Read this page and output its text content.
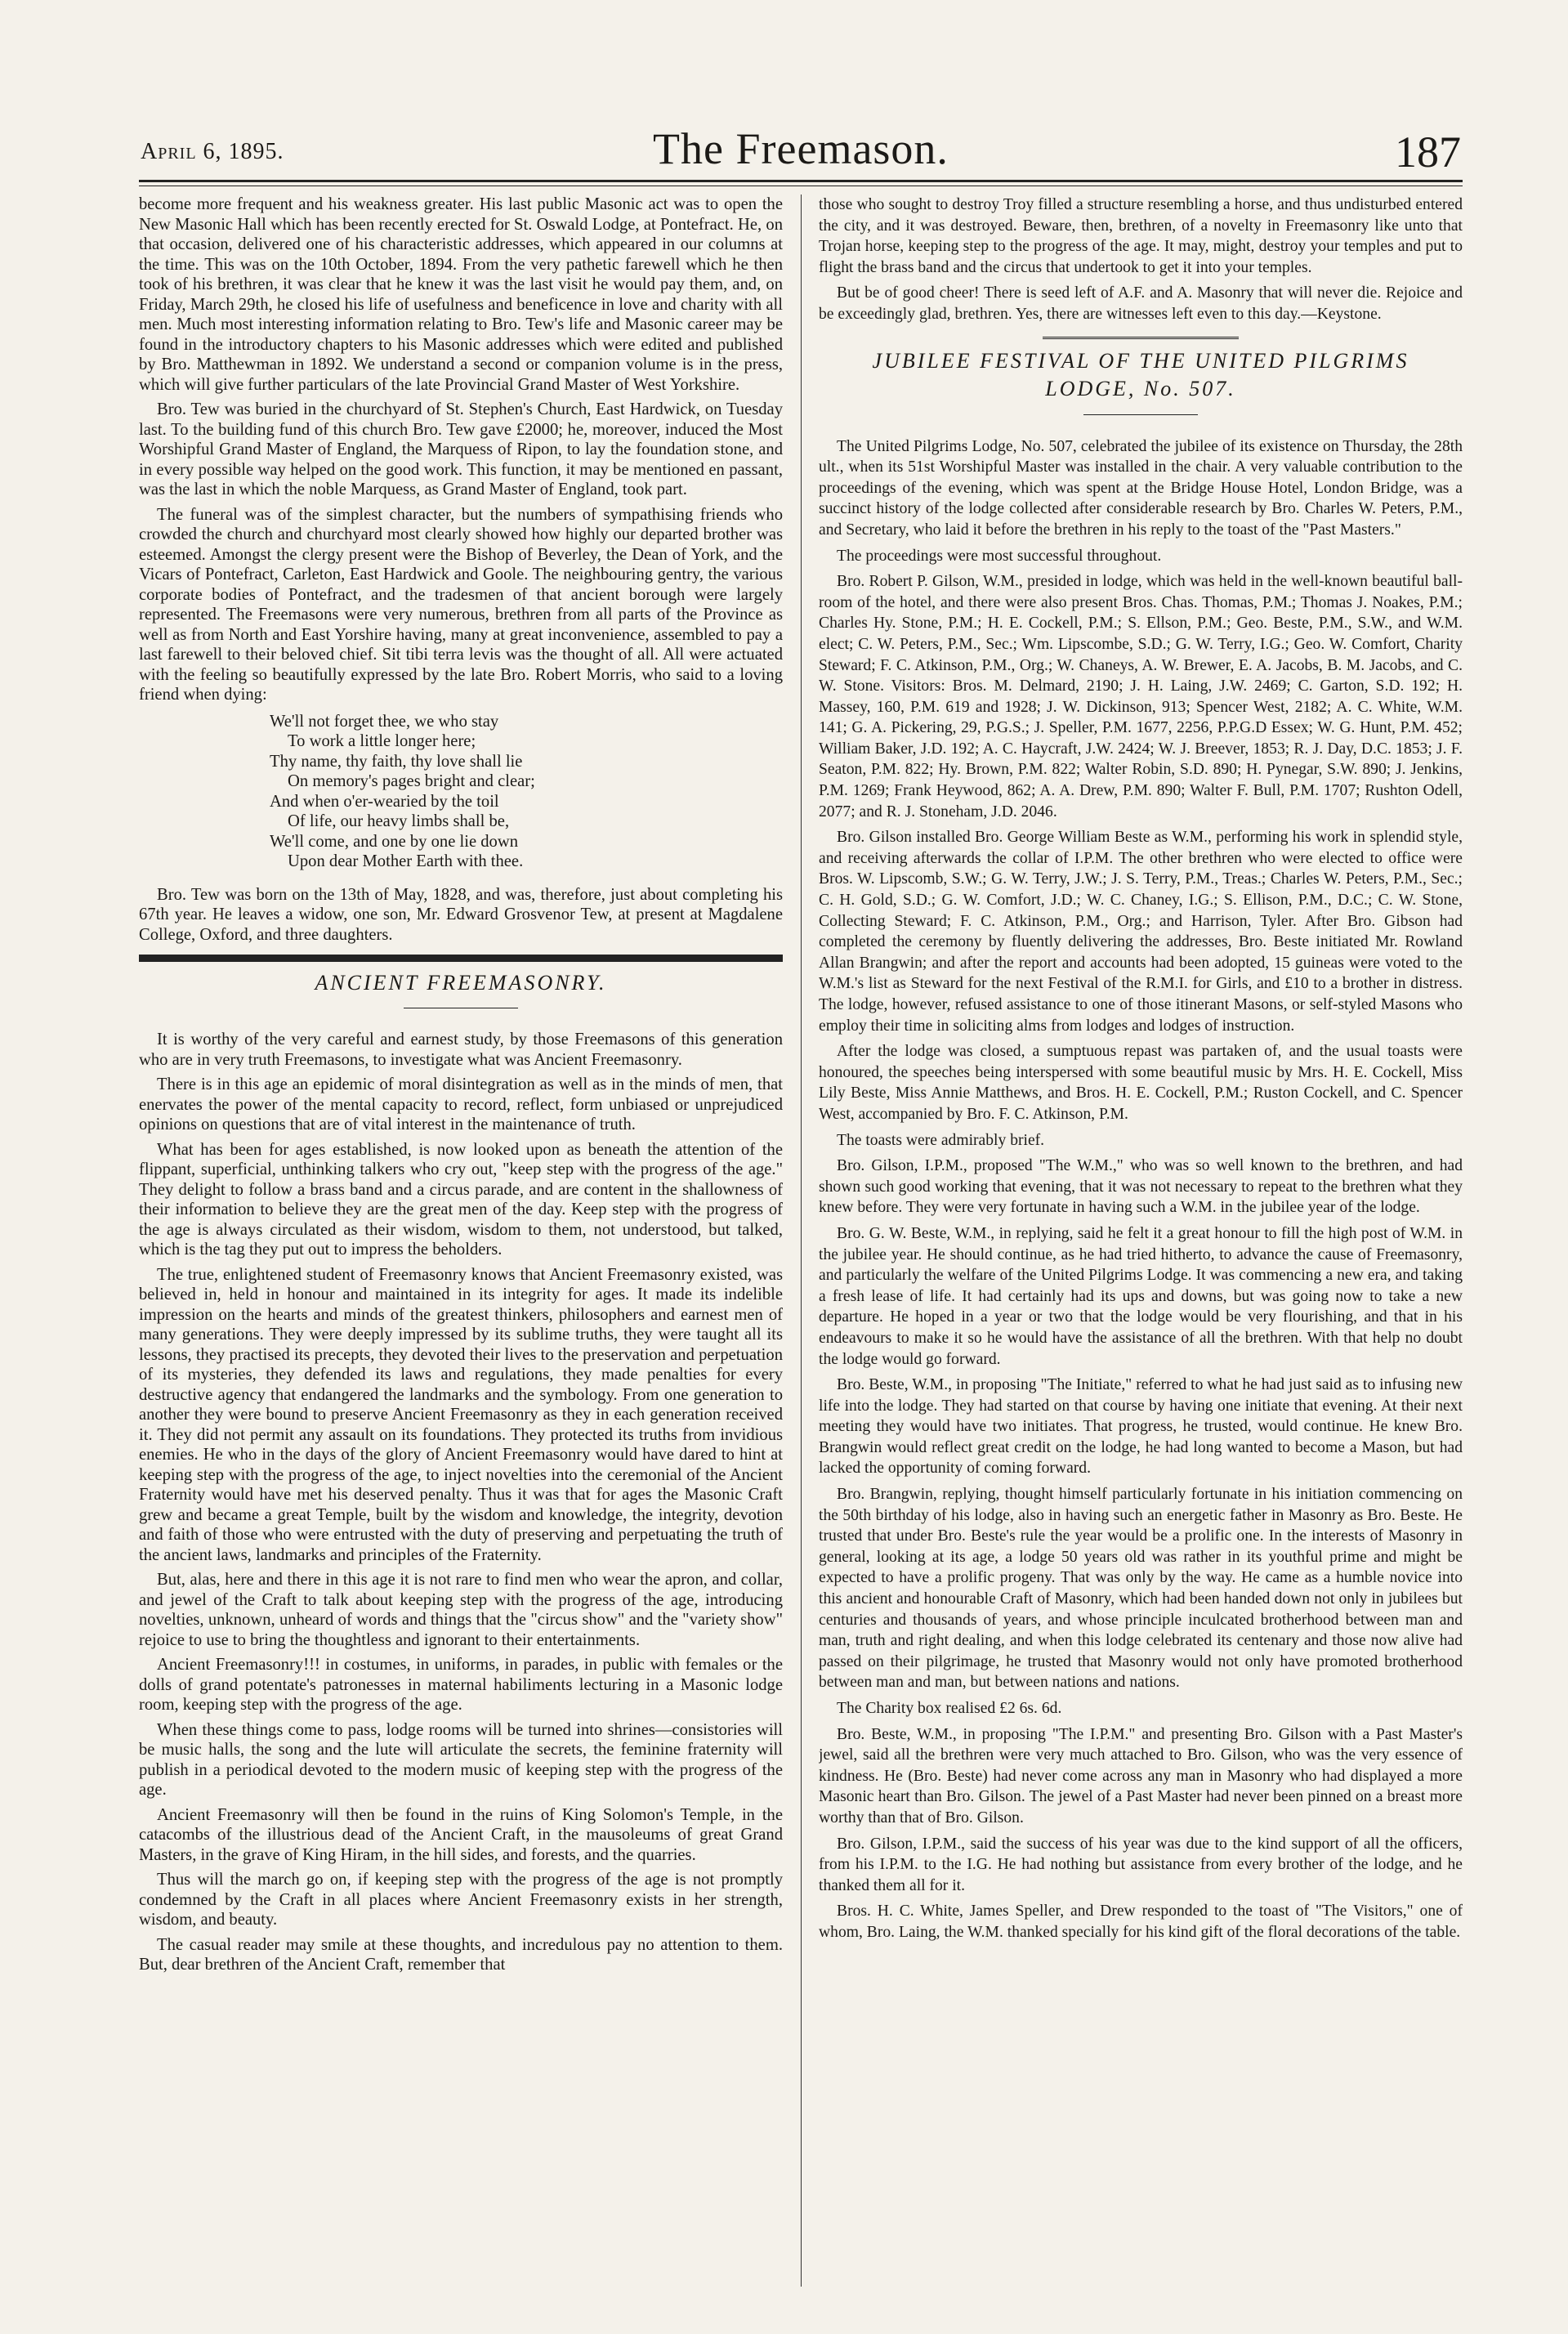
April 6, 1895.	The Freemason.	187

become more frequent and his weakness greater. His last public Masonic act was to open the New Masonic Hall which has been recently erected for St. Oswald Lodge, at Pontefract. He, on that occasion, delivered one of his characteristic addresses, which appeared in our columns at the time. This was on the 10th October, 1894. From the very pathetic farewell which he then took of his brethren, it was clear that he knew it was the last visit he would pay them, and, on Friday, March 29th, he closed his life of usefulness and beneficence in love and charity with all men. Much most interesting information relating to Bro. Tew's life and Masonic career may be found in the introductory chapters to his Masonic addresses which were edited and published by Bro. Matthewman in 1892. We understand a second or companion volume is in the press, which will give further particulars of the late Provincial Grand Master of West Yorkshire.

Bro. Tew was buried in the churchyard of St. Stephen's Church, East Hardwick, on Tuesday last. To the building fund of this church Bro. Tew gave £2000; he, moreover, induced the Most Worshipful Grand Master of England, the Marquess of Ripon, to lay the foundation stone, and in every possible way helped on the good work. This function, it may be mentioned en passant, was the last in which the noble Marquess, as Grand Master of England, took part.

The funeral was of the simplest character, but the numbers of sympathising friends who crowded the church and churchyard most clearly showed how highly our departed brother was esteemed. Amongst the clergy present were the Bishop of Beverley, the Dean of York, and the Vicars of Pontefract, Carleton, East Hardwick and Goole. The neighbouring gentry, the various corporate bodies of Pontefract, and the tradesmen of that ancient borough were largely represented. The Freemasons were very numerous, brethren from all parts of the Province as well as from North and East Yorshire having, many at great inconvenience, assembled to pay a last farewell to their beloved chief. Sit tibi terra levis was the thought of all. All were actuated with the feeling so beautifully expressed by the late Bro. Robert Morris, who said to a loving friend when dying:

We'll not forget thee, we who stay
To work a little longer here;
Thy name, thy faith, thy love shall lie
On memory's pages bright and clear;
And when o'er-wearied by the toil
Of life, our heavy limbs shall be,
We'll come, and one by one lie down
Upon dear Mother Earth with thee.

Bro. Tew was born on the 13th of May, 1828, and was, therefore, just about completing his 67th year. He leaves a widow, one son, Mr. Edward Grosvenor Tew, at present at Magdalene College, Oxford, and three daughters.

ANCIENT FREEMASONRY.

It is worthy of the very careful and earnest study, by those Freemasons of this generation who are in very truth Freemasons, to investigate what was Ancient Freemasonry.

There is in this age an epidemic of moral disintegration as well as in the minds of men, that enervates the power of the mental capacity to record, reflect, form unbiased or unprejudiced opinions on questions that are of vital interest in the maintenance of truth.

What has been for ages established, is now looked upon as beneath the attention of the flippant, superficial, unthinking talkers who cry out, "keep step with the progress of the age." They delight to follow a brass band and a circus parade, and are content in the shallowness of their information to believe they are the great men of the day. Keep step with the progress of the age is always circulated as their wisdom, wisdom to them, not understood, but talked, which is the tag they put out to impress the beholders.

The true, enlightened student of Freemasonry knows that Ancient Freemasonry existed, was believed in, held in honour and maintained in its integrity for ages. It made its indelible impression on the hearts and minds of the greatest thinkers, philosophers and earnest men of many generations. They were deeply impressed by its sublime truths, they were taught all its lessons, they practised its precepts, they devoted their lives to the preservation and perpetuation of its mysteries, they defended its laws and regulations, they made penalties for every destructive agency that endangered the landmarks and the symbology. From one generation to another they were bound to preserve Ancient Freemasonry as they in each generation received it. They did not permit any assault on its foundations. They protected its truths from invidious enemies. He who in the days of the glory of Ancient Freemasonry would have dared to hint at keeping step with the progress of the age, to inject novelties into the ceremonial of the Ancient Fraternity would have met his deserved penalty. Thus it was that for ages the Masonic Craft grew and became a great Temple, built by the wisdom and knowledge, the integrity, devotion and faith of those who were entrusted with the duty of preserving and perpetuating the truth of the ancient laws, landmarks and principles of the Fraternity.

But, alas, here and there in this age it is not rare to find men who wear the apron, and collar, and jewel of the Craft to talk about keeping step with the progress of the age, introducing novelties, unknown, unheard of words and things that the "circus show" and the "variety show" rejoice to use to bring the thoughtless and ignorant to their entertainments.

Ancient Freemasonry!!! in costumes, in uniforms, in parades, in public with females or the dolls of grand potentate's patronesses in maternal habiliments lecturing in a Masonic lodge room, keeping step with the progress of the age.

When these things come to pass, lodge rooms will be turned into shrines—consistories will be music halls, the song and the lute will articulate the secrets, the feminine fraternity will publish in a periodical devoted to the modern music of keeping step with the progress of the age.

Ancient Freemasonry will then be found in the ruins of King Solomon's Temple, in the catacombs of the illustrious dead of the Ancient Craft, in the mausoleums of great Grand Masters, in the grave of King Hiram, in the hill sides, and forests, and the quarries.

Thus will the march go on, if keeping step with the progress of the age is not promptly condemned by the Craft in all places where Ancient Freemasonry exists in her strength, wisdom, and beauty.

The casual reader may smile at these thoughts, and incredulous pay no attention to them. But, dear brethren of the Ancient Craft, remember that

those who sought to destroy Troy filled a structure resembling a horse, and thus undisturbed entered the city, and it was destroyed. Beware, then, brethren, of a novelty in Freemasonry like unto that Trojan horse, keeping step to the progress of the age. It may, might, destroy your temples and put to flight the brass band and the circus that undertook to get it into your temples.

But be of good cheer! There is seed left of A.F. and A. Masonry that will never die. Rejoice and be exceedingly glad, brethren. Yes, there are witnesses left even to this day.—Keystone.

JUBILEE FESTIVAL OF THE UNITED PILGRIMS
LODGE, No. 507.

The United Pilgrims Lodge, No. 507, celebrated the jubilee of its existence on Thursday, the 28th ult., when its 51st Worshipful Master was installed in the chair. A very valuable contribution to the proceedings of the evening, which was spent at the Bridge House Hotel, London Bridge, was a succinct history of the lodge collected after considerable research by Bro. Charles W. Peters, P.M., and Secretary, who laid it before the brethren in his reply to the toast of the "Past Masters."

The proceedings were most successful throughout.

Bro. Robert P. Gilson, W.M., presided in lodge, which was held in the well-known beautiful ball-room of the hotel, and there were also present Bros. Chas. Thomas, P.M.; Thomas J. Noakes, P.M.; Charles Hy. Stone, P.M.; H. E. Cockell, P.M.; S. Ellson, P.M.; Geo. Beste, P.M., S.W., and W.M. elect; C. W. Peters, P.M., Sec.; Wm. Lipscombe, S.D.; G. W. Terry, I.G.; Geo. W. Comfort, Charity Steward; F. C. Atkinson, P.M., Org.; W. Chaneys, A. W. Brewer, E. A. Jacobs, B. M. Jacobs, and C. W. Stone. Visitors: Bros. M. Delmard, 2190; J. H. Laing, J.W. 2469; C. Garton, S.D. 192; H. Massey, 160, P.M. 619 and 1928; J. W. Dickinson, 913; Spencer West, 2182; A. C. White, W.M. 141; G. A. Pickering, 29, P.G.S.; J. Speller, P.M. 1677, 2256, P.P.G.D Essex; W. G. Hunt, P.M. 452; William Baker, J.D. 192; A. C. Haycraft, J.W. 2424; W. J. Breever, 1853; R. J. Day, D.C. 1853; J. F. Seaton, P.M. 822; Hy. Brown, P.M. 822; Walter Robin, S.D. 890; H. Pynegar, S.W. 890; J. Jenkins, P.M. 1269; Frank Heywood, 862; A. A. Drew, P.M. 890; Walter F. Bull, P.M. 1707; Rushton Odell, 2077; and R. J. Stoneham, J.D. 2046.

Bro. Gilson installed Bro. George William Beste as W.M., performing his work in splendid style, and receiving afterwards the collar of I.P.M. The other brethren who were elected to office were Bros. W. Lipscomb, S.W.; G. W. Terry, J.W.; J. S. Terry, P.M., Treas.; Charles W. Peters, P.M., Sec.; C. H. Gold, S.D.; G. W. Comfort, J.D.; W. C. Chaney, I.G.; S. Ellison, P.M., D.C.; C. W. Stone, Collecting Steward; F. C. Atkinson, P.M., Org.; and Harrison, Tyler. After Bro. Gibson had completed the ceremony by fluently delivering the addresses, Bro. Beste initiated Mr. Rowland Allan Brangwin; and after the report and accounts had been adopted, 15 guineas were voted to the W.M.'s list as Steward for the next Festival of the R.M.I. for Girls, and £10 to a brother in distress. The lodge, however, refused assistance to one of those itinerant Masons, or self-styled Masons who employ their time in soliciting alms from lodges and lodges of instruction.

After the lodge was closed, a sumptuous repast was partaken of, and the usual toasts were honoured, the speeches being interspersed with some beautiful music by Mrs. H. E. Cockell, Miss Lily Beste, Miss Annie Matthews, and Bros. H. E. Cockell, P.M.; Ruston Cockell, and C. Spencer West, accompanied by Bro. F. C. Atkinson, P.M.

The toasts were admirably brief.

Bro. Gilson, I.P.M., proposed "The W.M.," who was so well known to the brethren, and had shown such good working that evening, that it was not necessary to repeat to the brethren what they knew before. They were very fortunate in having such a W.M. in the jubilee year of the lodge.

Bro. G. W. Beste, W.M., in replying, said he felt it a great honour to fill the high post of W.M. in the jubilee year. He should continue, as he had tried hitherto, to advance the cause of Freemasonry, and particularly the welfare of the United Pilgrims Lodge. It was commencing a new era, and taking a fresh lease of life. It had certainly had its ups and downs, but was going now to take a new departure. He hoped in a year or two that the lodge would be very flourishing, and that in his endeavours to make it so he would have the assistance of all the brethren. With that help no doubt the lodge would go forward.

Bro. Beste, W.M., in proposing "The Initiate," referred to what he had just said as to infusing new life into the lodge. They had started on that course by having one initiate that evening. At their next meeting they would have two initiates. That progress, he trusted, would continue. He knew Bro. Brangwin would reflect great credit on the lodge, he had long wanted to become a Mason, but had lacked the opportunity of coming forward.

Bro. Brangwin, replying, thought himself particularly fortunate in his initiation commencing on the 50th birthday of his lodge, also in having such an energetic father in Masonry as Bro. Beste. He trusted that under Bro. Beste's rule the year would be a prolific one. In the interests of Masonry in general, looking at its age, a lodge 50 years old was rather in its youthful prime and might be expected to have a prolific progeny. That was only by the way. He came as a humble novice into this ancient and honourable Craft of Masonry, which had been handed down not only in jubilees but centuries and thousands of years, and whose principle inculcated brotherhood between man and man, truth and right dealing, and when this lodge celebrated its centenary and those now alive had passed on their pilgrimage, he trusted that Masonry would not only have promoted brotherhood between man and man, but between nations and nations.

The Charity box realised £2 6s. 6d.

Bro. Beste, W.M., in proposing "The I.P.M." and presenting Bro. Gilson with a Past Master's jewel, said all the brethren were very much attached to Bro. Gilson, who was the very essence of kindness. He (Bro. Beste) had never come across any man in Masonry who had displayed a more Masonic heart than Bro. Gilson. The jewel of a Past Master had never been pinned on a breast more worthy than that of Bro. Gilson.

Bro. Gilson, I.P.M., said the success of his year was due to the kind support of all the officers, from his I.P.M. to the I.G. He had nothing but assistance from every brother of the lodge, and he thanked them all for it.

Bros. H. C. White, James Speller, and Drew responded to the toast of "The Visitors," one of whom, Bro. Laing, the W.M. thanked specially for his kind gift of the floral decorations of the table.
